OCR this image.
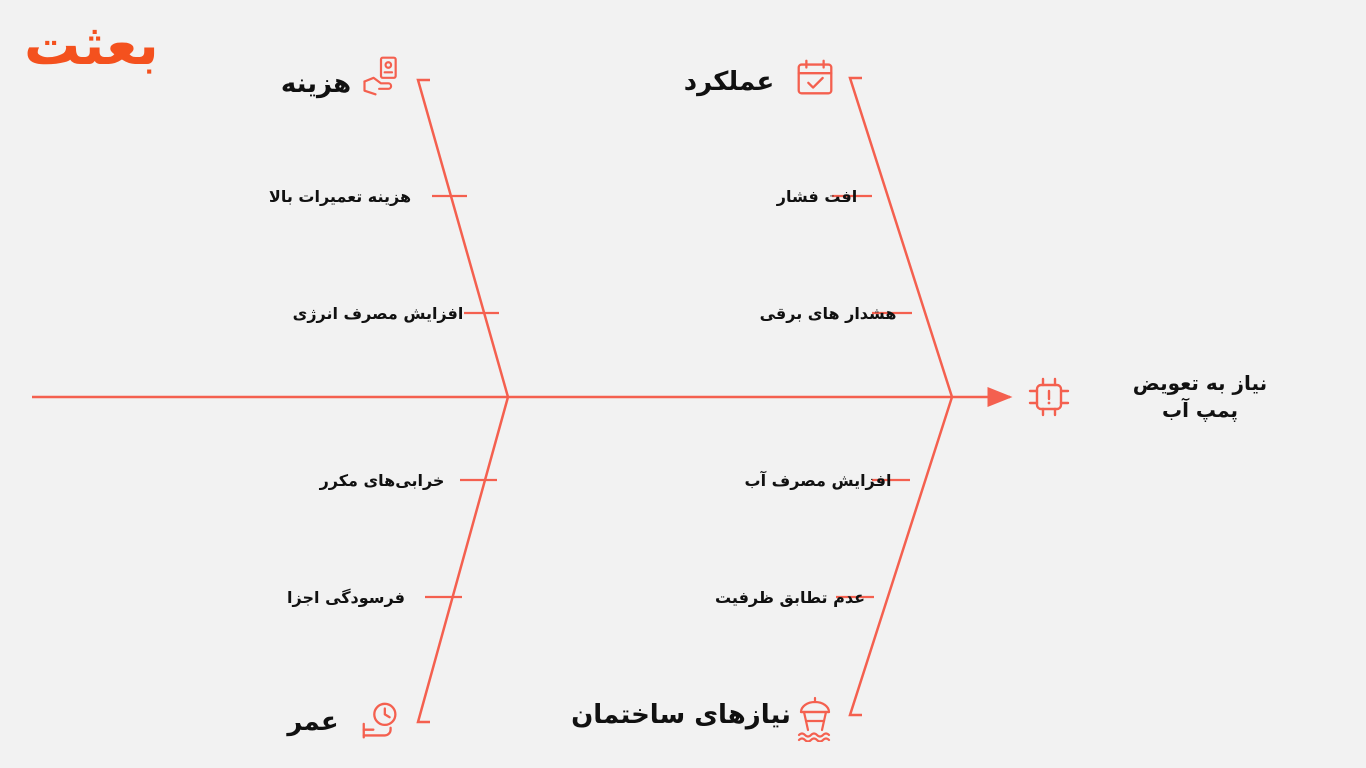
بعثت
هزینه	عملکرد
عمر	نیازهای ساختمان
هزینه تعمیرات بالا
افزایش مصرف انرژی
افت فشار
هشدار های برقی
خرابی‌های مکرر
فرسودگی اجزا
افزایش مصرف آب
عدم تطابق ظرفیت
نیاز به تعویض
پمپ آب
